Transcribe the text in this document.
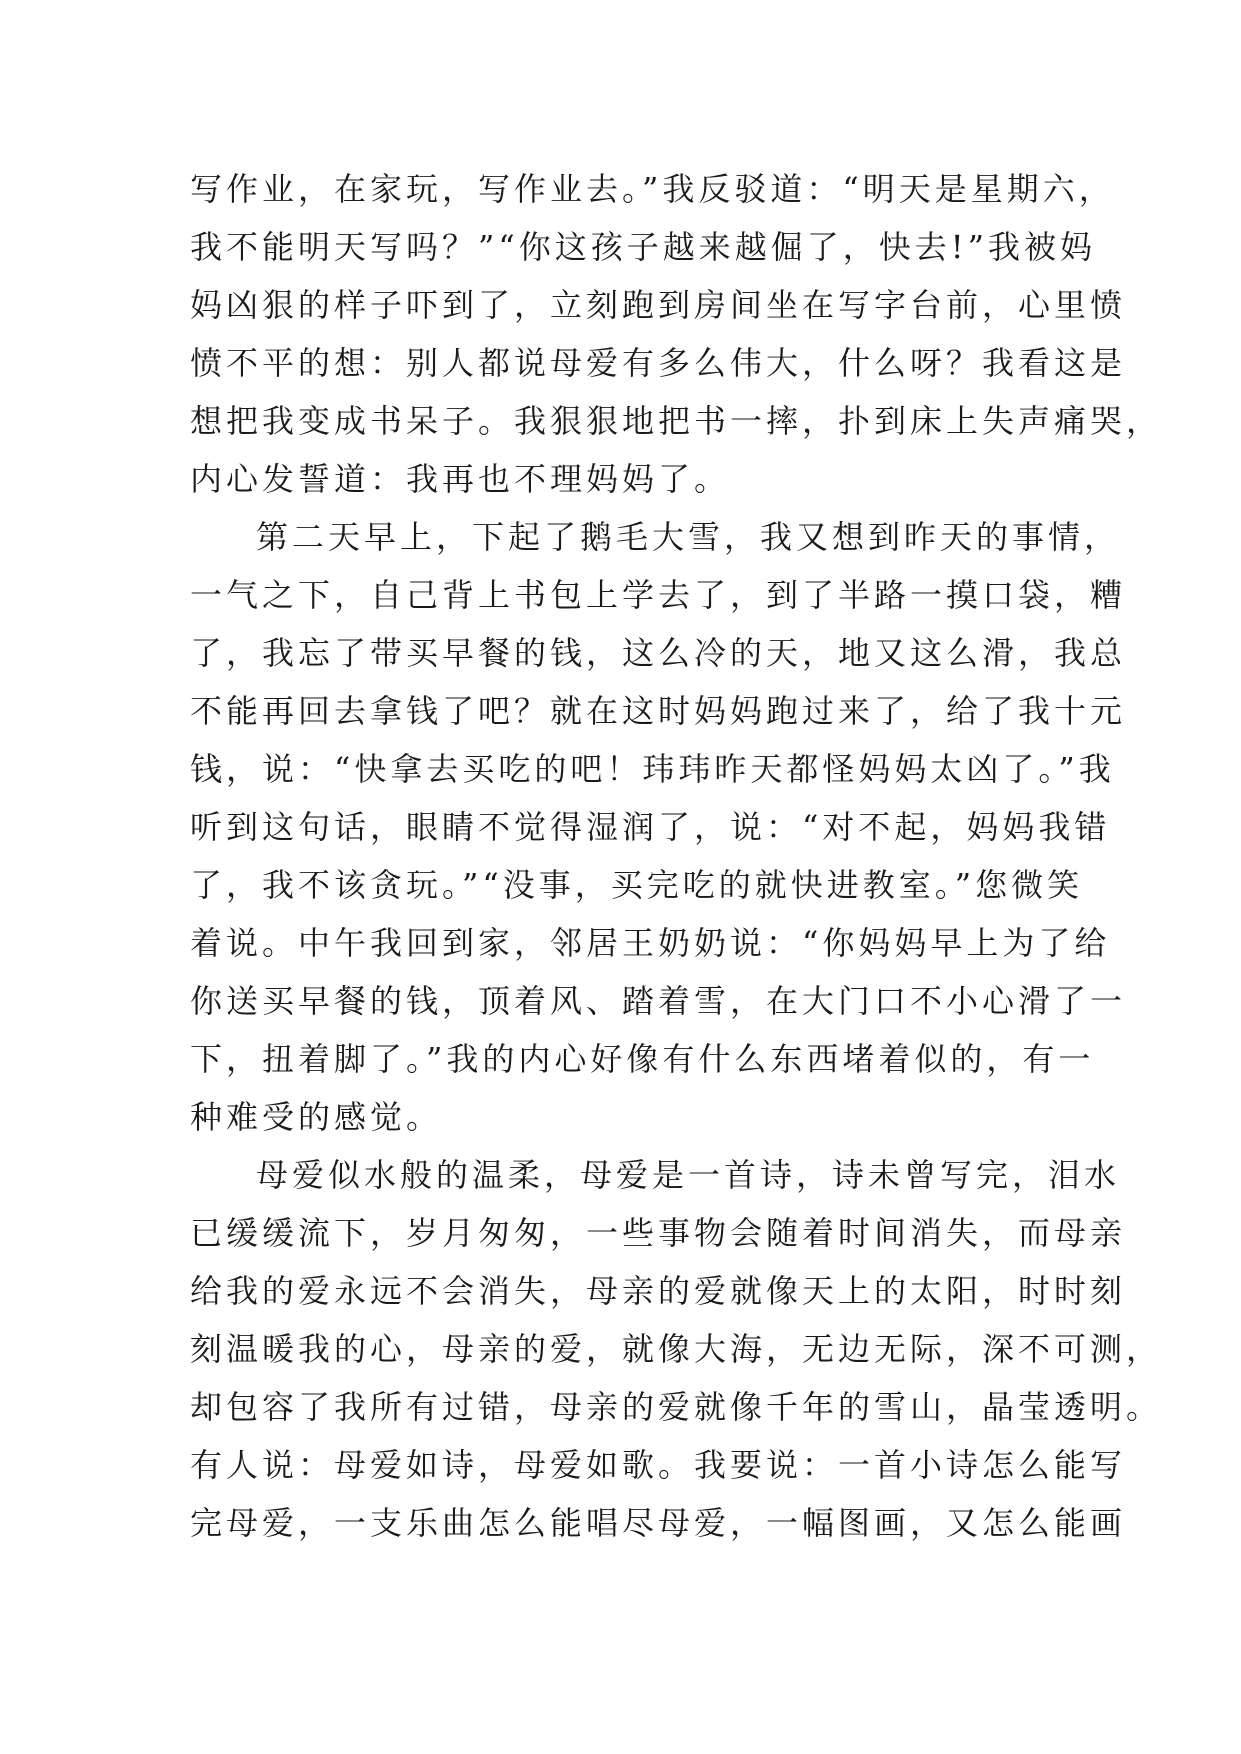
写作业，在家玩，写作业去。”我反驳道：“明天是星期六，
我不能明天写吗？”“你这孩子越来越倔了，快去!”我被妈
妈凶狠的样子吓到了，立刻跑到房间坐在写字台前，心里愤
愤不平的想：别人都说母爱有多么伟大，什么呀？我看这是
想把我变成书呆子。我狠狠地把书一摔，扑到床上失声痛哭，
内心发誓道：我再也不理妈妈了。
第二天早上，下起了鹅毛大雪，我又想到昨天的事情，
一气之下，自己背上书包上学去了，到了半路一摸口袋，糟
了，我忘了带买早餐的钱，这么冷的天，地又这么滑，我总
不能再回去拿钱了吧？就在这时妈妈跑过来了，给了我十元
钱，说：“快拿去买吃的吧！玮玮昨天都怪妈妈太凶了。”我
听到这句话，眼睛不觉得湿润了，说：“对不起，妈妈我错
了，我不该贪玩。”“没事，买完吃的就快进教室。”您微笑
着说。中午我回到家，邻居王奶奶说：“你妈妈早上为了给
你送买早餐的钱，顶着风、踏着雪，在大门口不小心滑了一
下，扭着脚了。”我的内心好像有什么东西堵着似的，有一
种难受的感觉。
母爱似水般的温柔，母爱是一首诗，诗未曾写完，泪水
已缓缓流下，岁月匆匆，一些事物会随着时间消失，而母亲
给我的爱永远不会消失，母亲的爱就像天上的太阳，时时刻
刻温暖我的心，母亲的爱，就像大海，无边无际，深不可测，
却包容了我所有过错，母亲的爱就像千年的雪山，晶莹透明。
有人说：母爱如诗，母爱如歌。我要说：一首小诗怎么能写
完母爱，一支乐曲怎么能唱尽母爱，一幅图画，又怎么能画
